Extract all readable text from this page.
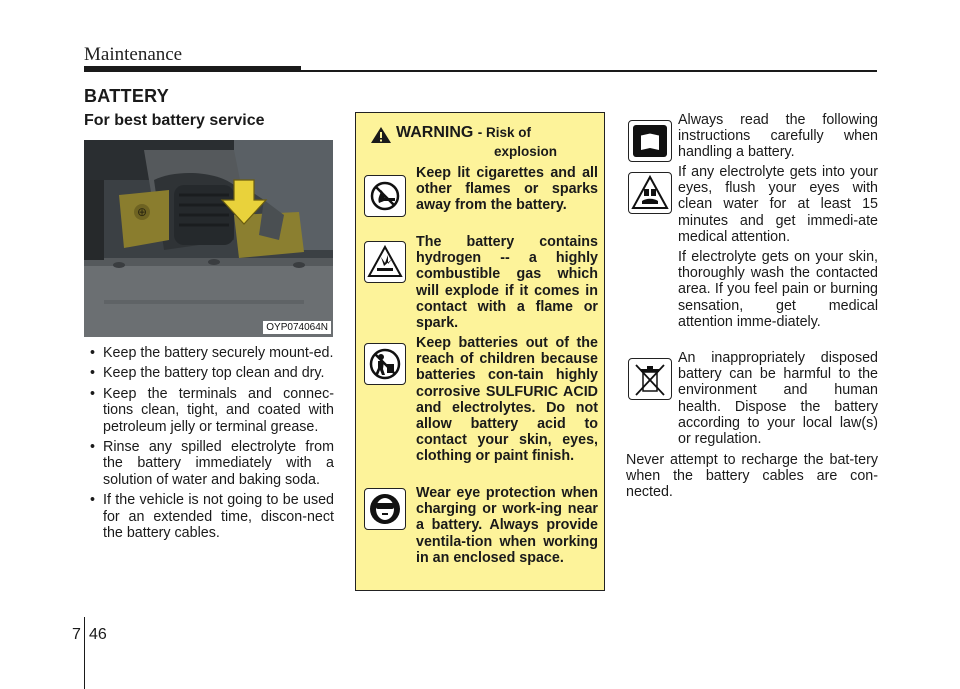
Maintenance
BATTERY
For best battery service
⊕
OYP074064N
• Keep the battery securely mount-ed.
• Keep the battery top clean and dry.
• Keep the terminals and connec-tions clean, tight, and coated with petroleum jelly or terminal grease.
• Rinse any spilled electrolyte from the battery immediately with a solution of water and baking soda.
• If the vehicle is not going to be used for an extended time, discon-nect the battery cables.
WARNING - Risk of
explosion
Keep lit cigarettes and all other flames or sparks away from the battery.
The battery contains hydrogen -- a highly combustible gas which will explode if it comes in contact with a flame or spark.
Keep batteries out of the reach of children because batteries con-tain highly corrosive SULFURIC ACID and electrolytes. Do not allow battery acid to contact your skin, eyes, clothing or paint finish.
Wear eye protection when charging or work-ing near a battery. Always provide ventila-tion when working in an enclosed space.
Always read the following instructions carefully when handling a battery.
If any electrolyte gets into your eyes, flush your eyes with clean water for at least 15 minutes and get immedi-ate medical attention.
If electrolyte gets on your skin, thoroughly wash the contacted area. If you feel pain or burning sensation, get medical attention imme-diately.
An inappropriately disposed battery can be harmful to the environment and human health. Dispose the battery according to your local law(s) or regulation.
Never attempt to recharge the bat-tery when the battery cables are con-nected.
7 46
